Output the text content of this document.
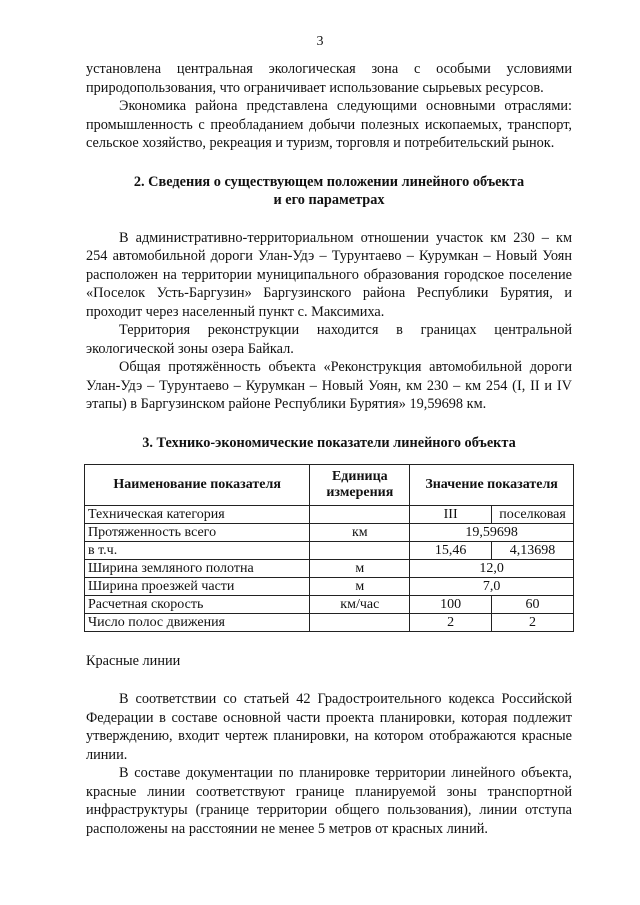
3

установлена центральная экологическая зона с особыми условиями природопользования, что ограничивает использование сырьевых ресурсов.

Экономика района представлена следующими основными отраслями: промышленность с преобладанием добычи полезных ископаемых, транспорт, сельское хозяйство, рекреация и туризм, торговля и потребительский рынок.

2. Сведения о существующем положении линейного объекта
и его параметрах

В административно-территориальном отношении участок км 230 – км 254 автомобильной дороги Улан-Удэ – Турунтаево – Курумкан – Новый Уоян расположен на территории муниципального образования городское поселение «Поселок Усть-Баргузин» Баргузинского района Республики Бурятия, и проходит через населенный пункт с. Максимиха.

Территория реконструкции находится в границах центральной экологической зоны озера Байкал.

Общая протяжённость объекта «Реконструкция автомобильной дороги Улан-Удэ – Турунтаево – Курумкан – Новый Уоян, км 230 – км 254 (I, II и IV этапы) в Баргузинском районе Республики Бурятия» 19,59698 км.

3. Технико-экономические показатели линейного объекта
Наименование показателя	Единица измерения	Значение показателя	
Техническая категория		III	поселковая
Протяженность всего	км	19,59698	
в т.ч.		15,46	4,13698
Ширина земляного полотна	м	12,0	
Ширина проезжей части	м	7,0	
Расчетная скорость	км/час	100	60
Число полос движения		2	2

Красные линии

В соответствии со статьей 42 Градостроительного кодекса Российской Федерации в составе основной части проекта планировки, которая подлежит утверждению, входит чертеж планировки, на котором отображаются красные линии.

В составе документации по планировке территории линейного объекта, красные линии соответствуют границе планируемой зоны транспортной инфраструктуры (границе территории общего пользования), линии отступа расположены на расстоянии не менее 5 метров от красных линий.
